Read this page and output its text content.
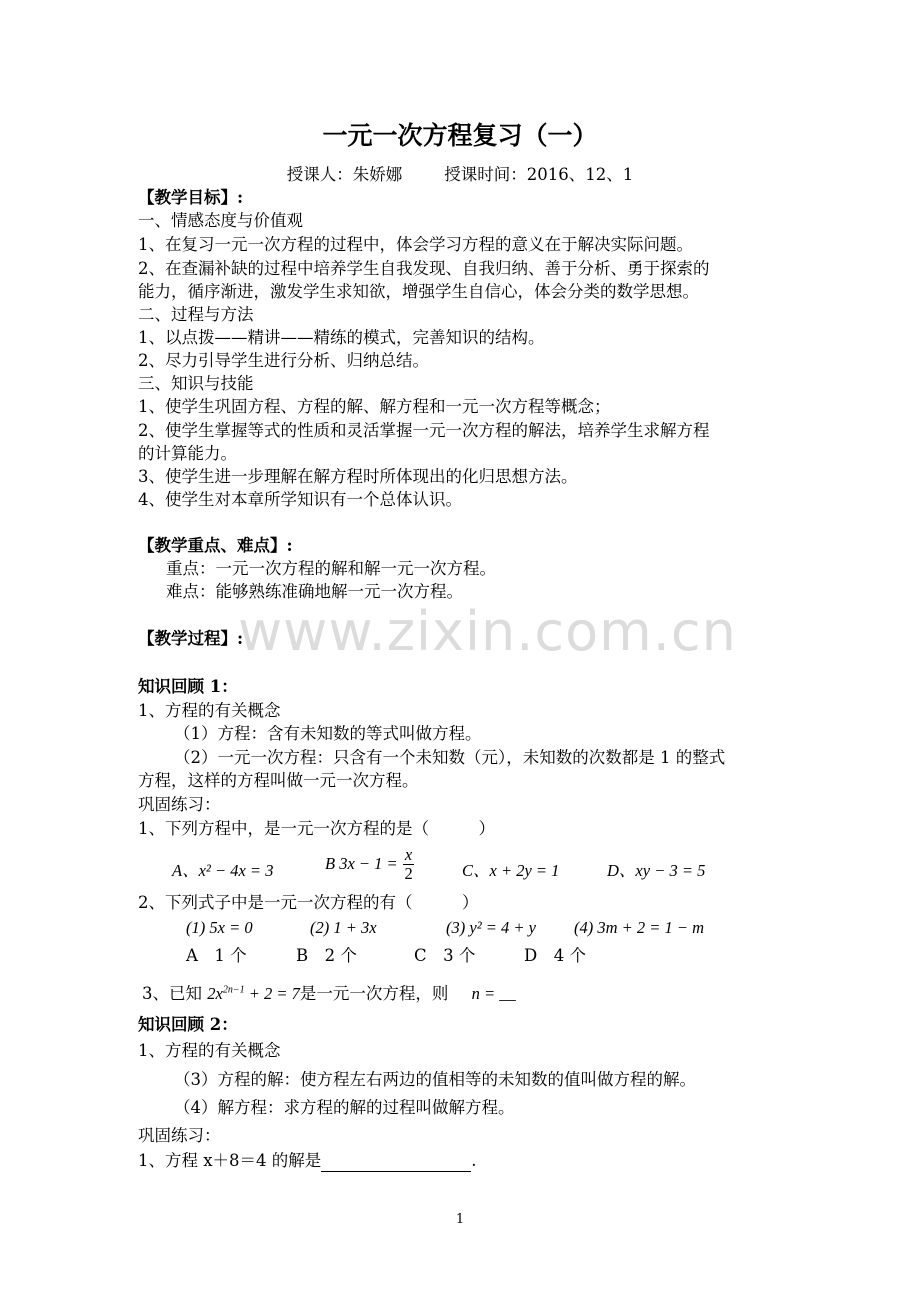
一元一次方程复习（一）
授课人：朱娇娜        授课时间：2016、12、1
【教学目标】:
一、情感态度与价值观
1、在复习一元一次方程的过程中，体会学习方程的意义在于解决实际问题。
2、在查漏补缺的过程中培养学生自我发现、自我归纳、善于分析、勇于探索的
能力，循序渐进，激发学生求知欲，增强学生自信心，体会分类的数学思想。
二、过程与方法
1、以点拨——精讲——精练的模式，完善知识的结构。
2、尽力引导学生进行分析、归纳总结。
三、知识与技能
1、使学生巩固方程、方程的解、解方程和一元一次方程等概念；
2、使学生掌握等式的性质和灵活掌握一元一次方程的解法，培养学生求解方程
的计算能力。
3、使学生进一步理解在解方程时所体现出的化归思想方法。
4、使学生对本章所学知识有一个总体认识。
【教学重点、难点】:
重点：一元一次方程的解和解一元一次方程。
难点：能够熟练准确地解一元一次方程。
【教学过程】:
www.zixin.com.cn
知识回顾 1：
1、方程的有关概念
（1）方程：含有未知数的等式叫做方程。
（2）一元一次方程：只含有一个未知数（元），未知数的次数都是 1 的整式
方程，这样的方程叫做一元一次方程。
巩固练习：
1、下列方程中，是一元一次方程的是（　　　）
A、x² − 4x = 3	B $3x - 1 = \frac{x}{2}$	C、x + 2y = 1	D、xy − 3 = 5
2、下列式子中是一元一次方程的有（　　　）
(1) 5x = 0	(2) 1 + 3x	(3) y² = 4 + y (4) 3m + 2 = 1 − m
A　1 个	B　2 个	C　3 个	D　4 个
3、已知 $2x^{2n-1} + 2 = 7$是一元一次方程，则 n = __
知识回顾 2：
1、方程的有关概念
（3）方程的解：使方程左右两边的值相等的未知数的值叫做方程的解。
（4）解方程：求方程的解的过程叫做解方程。
巩固练习：
1、方程 x＋8＝4 的解是	.
1
